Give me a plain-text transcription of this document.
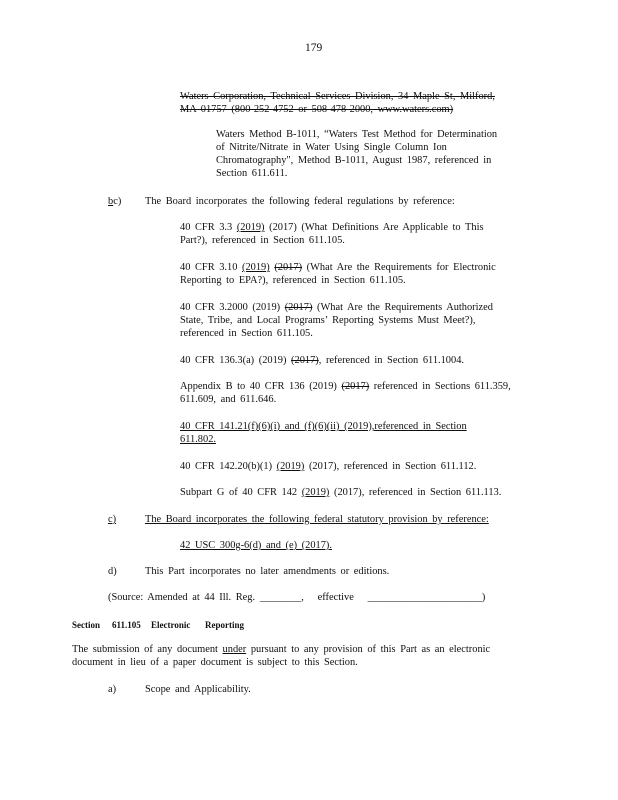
179
Waters Corporation, Technical Services Division, 34 Maple St, Milford,
MA 01757 (800-252-4752 or 508-478-2000, www.waters.com)
Waters Method B-1011, “Waters Test Method for Determination
of Nitrite/Nitrate in Water Using Single Column Ion
Chromatography", Method B-1011, August 1987, referenced in
Section 611.611.
bc) The Board incorporates the following federal regulations by reference:
40 CFR 3.3 (2019) (2017) (What Definitions Are Applicable to This
Part?), referenced in Section 611.105.
40 CFR 3.10 (2019) (2017) (What Are the Requirements for Electronic
Reporting to EPA?), referenced in Section 611.105.
40 CFR 3.2000 (2019) (2017) (What Are the Requirements Authorized
State, Tribe, and Local Programs’ Reporting Systems Must Meet?),
referenced in Section 611.105.
40 CFR 136.3(a) (2019) (2017), referenced in Section 611.1004.
Appendix B to 40 CFR 136 (2019) (2017) referenced in Sections 611.359,
611.609, and 611.646.
40 CFR 141.21(f)(6)(i) and (f)(6)(ii) (2019),referenced in Section
611.802.
40 CFR 142.20(b)(1) (2019) (2017), referenced in Section 611.112.
Subpart G of 40 CFR 142 (2019) (2017), referenced in Section 611.113.
c)	The Board incorporates the following federal statutory provision by reference:
42 USC 300g-6(d) and (e) (2017).
d)	This Part incorporates no later amendments or editions.
(Source: Amended at 44 Ill. Reg. ________, effective ______________________)
Section 611.105 Electronic Reporting
The submission of any document under pursuant to any provision of this Part as an electronic
document in lieu of a paper document is subject to this Section.
a)	Scope and Applicability.
